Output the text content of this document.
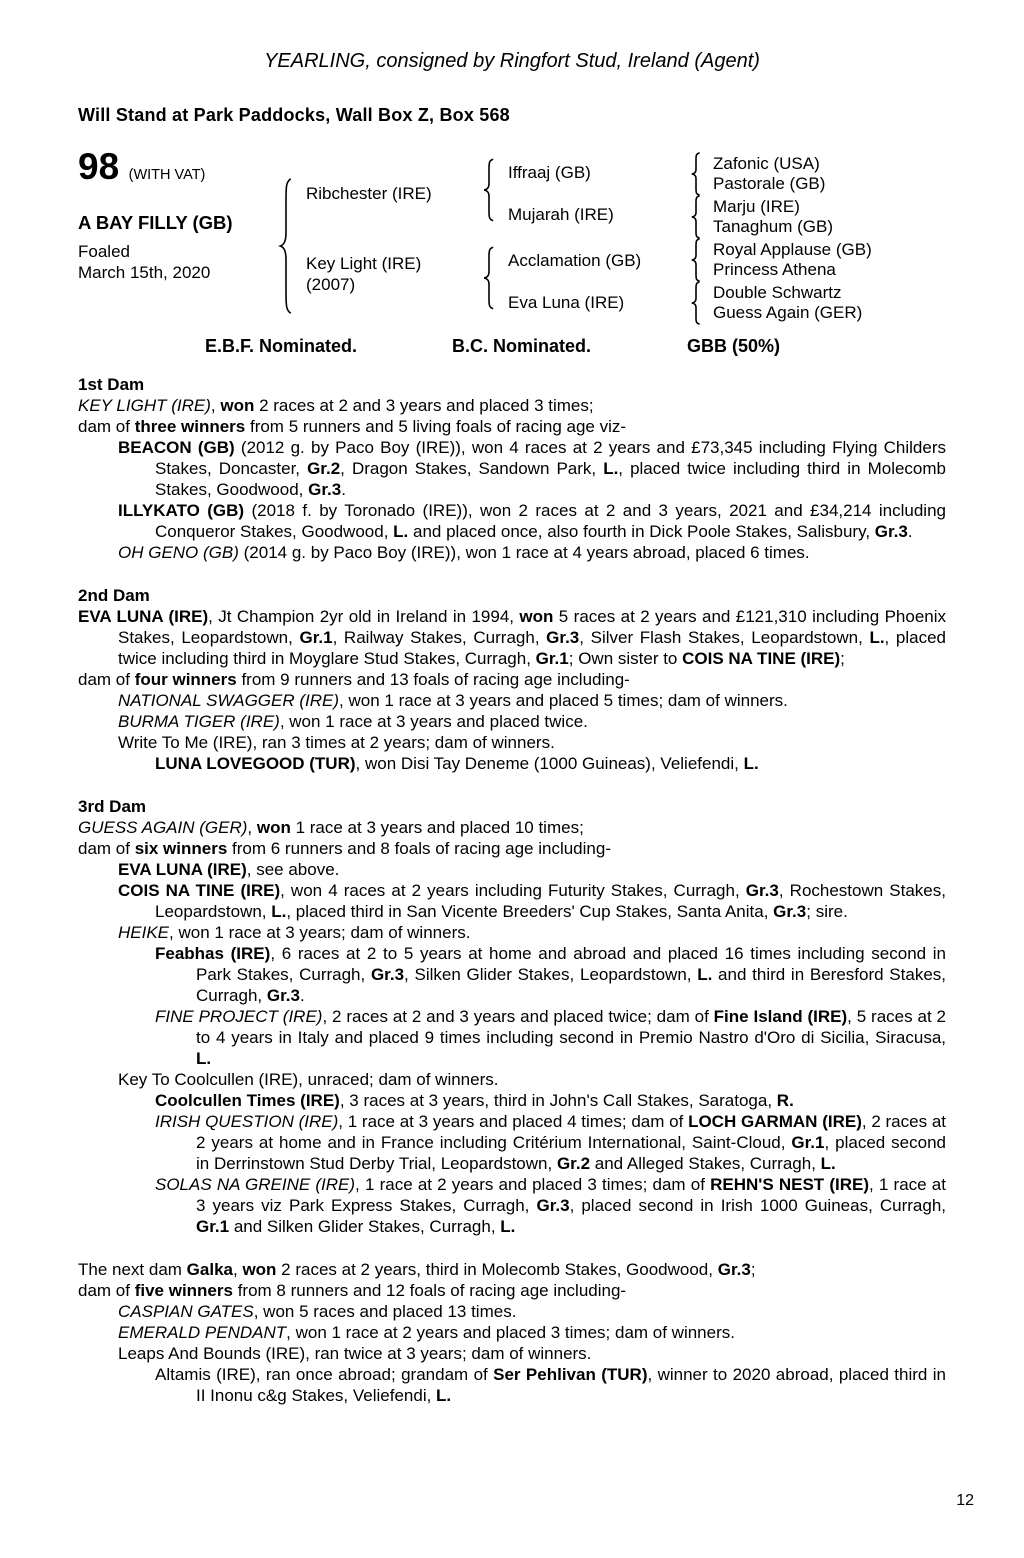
YEARLING, consigned by Ringfort Stud, Ireland (Agent)
Will Stand at Park Paddocks, Wall Box Z, Box 568
98 (WITH VAT)
A BAY FILLY (GB)
Foaled
March 15th, 2020
Ribchester (IRE)
Key Light (IRE)
(2007)
Iffraaj (GB)
Mujarah (IRE)
Acclamation (GB)
Eva Luna (IRE)
Zafonic (USA)
Pastorale (GB)
Marju (IRE)
Tanaghum (GB)
Royal Applause (GB)
Princess Athena
Double Schwartz
Guess Again (GER)
E.B.F. Nominated.	B.C. Nominated.	GBB (50%)
1st Dam

KEY LIGHT (IRE), won 2 races at 2 and 3 years and placed 3 times;

dam of three winners from 5 runners and 5 living foals of racing age viz-

BEACON (GB) (2012 g. by Paco Boy (IRE)), won 4 races at 2 years and £73,345 including Flying Childers Stakes, Doncaster, Gr.2, Dragon Stakes, Sandown Park, L., placed twice including third in Molecomb Stakes, Goodwood, Gr.3.

ILLYKATO (GB) (2018 f. by Toronado (IRE)), won 2 races at 2 and 3 years, 2021 and £34,214 including Conqueror Stakes, Goodwood, L. and placed once, also fourth in Dick Poole Stakes, Salisbury, Gr.3.

OH GENO (GB) (2014 g. by Paco Boy (IRE)), won 1 race at 4 years abroad, placed 6 times.

2nd Dam

EVA LUNA (IRE), Jt Champion 2yr old in Ireland in 1994, won 5 races at 2 years and £121,310 including Phoenix Stakes, Leopardstown, Gr.1, Railway Stakes, Curragh, Gr.3, Silver Flash Stakes, Leopardstown, L., placed twice including third in Moyglare Stud Stakes, Curragh, Gr.1; Own sister to COIS NA TINE (IRE);

dam of four winners from 9 runners and 13 foals of racing age including-

NATIONAL SWAGGER (IRE), won 1 race at 3 years and placed 5 times; dam of winners.

BURMA TIGER (IRE), won 1 race at 3 years and placed twice.

Write To Me (IRE), ran 3 times at 2 years; dam of winners.

LUNA LOVEGOOD (TUR), won Disi Tay Deneme (1000 Guineas), Veliefendi, L.

3rd Dam

GUESS AGAIN (GER), won 1 race at 3 years and placed 10 times;

dam of six winners from 6 runners and 8 foals of racing age including-

EVA LUNA (IRE), see above.

COIS NA TINE (IRE), won 4 races at 2 years including Futurity Stakes, Curragh, Gr.3, Rochestown Stakes, Leopardstown, L., placed third in San Vicente Breeders' Cup Stakes, Santa Anita, Gr.3; sire.

HEIKE, won 1 race at 3 years; dam of winners.

Feabhas (IRE), 6 races at 2 to 5 years at home and abroad and placed 16 times including second in Park Stakes, Curragh, Gr.3, Silken Glider Stakes, Leopardstown, L. and third in Beresford Stakes, Curragh, Gr.3.

FINE PROJECT (IRE), 2 races at 2 and 3 years and placed twice; dam of Fine Island (IRE), 5 races at 2 to 4 years in Italy and placed 9 times including second in Premio Nastro d'Oro di Sicilia, Siracusa, L.

Key To Coolcullen (IRE), unraced; dam of winners.

Coolcullen Times (IRE), 3 races at 3 years, third in John's Call Stakes, Saratoga, R.

IRISH QUESTION (IRE), 1 race at 3 years and placed 4 times; dam of LOCH GARMAN (IRE), 2 races at 2 years at home and in France including Critérium International, Saint-Cloud, Gr.1, placed second in Derrinstown Stud Derby Trial, Leopardstown, Gr.2 and Alleged Stakes, Curragh, L.

SOLAS NA GREINE (IRE), 1 race at 2 years and placed 3 times; dam of REHN'S NEST (IRE), 1 race at 3 years viz Park Express Stakes, Curragh, Gr.3, placed second in Irish 1000 Guineas, Curragh, Gr.1 and Silken Glider Stakes, Curragh, L.

The next dam Galka, won 2 races at 2 years, third in Molecomb Stakes, Goodwood, Gr.3;

dam of five winners from 8 runners and 12 foals of racing age including-

CASPIAN GATES, won 5 races and placed 13 times.

EMERALD PENDANT, won 1 race at 2 years and placed 3 times; dam of winners.

Leaps And Bounds (IRE), ran twice at 3 years; dam of winners.

Altamis (IRE), ran once abroad; grandam of Ser Pehlivan (TUR), winner to 2020 abroad, placed third in II Inonu c&g Stakes, Veliefendi, L.

12
